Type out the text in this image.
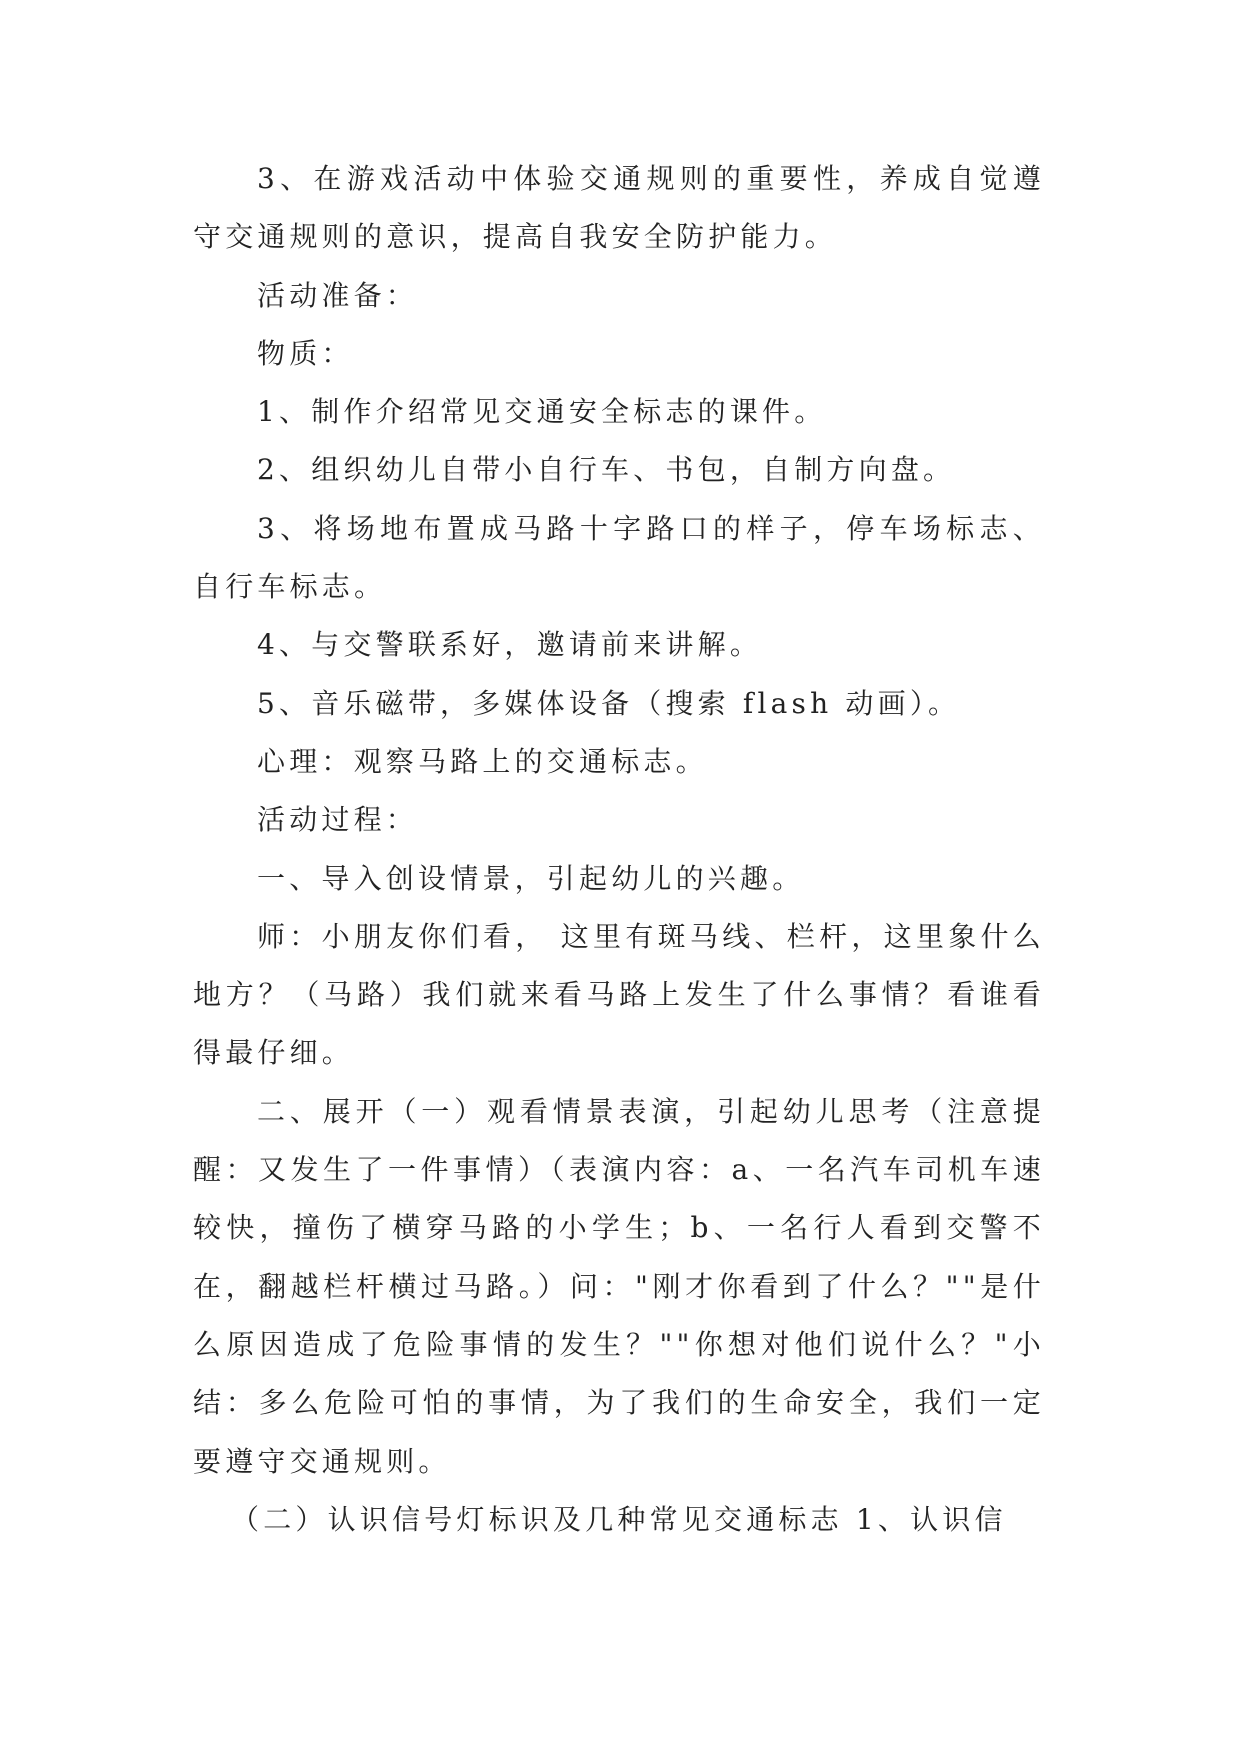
3、在游戏活动中体验交通规则的重要性，养成自觉遵守交通规则的意识，提高自我安全防护能力。

活动准备：

物质：

1、制作介绍常见交通安全标志的课件。

2、组织幼儿自带小自行车、书包，自制方向盘。

3、将场地布置成马路十字路口的样子，停车场标志、自行车标志。

4、与交警联系好，邀请前来讲解。

5、音乐磁带，多媒体设备（搜索 flash 动画）。

心理：观察马路上的交通标志。

活动过程：

一、导入创设情景，引起幼儿的兴趣。

师：小朋友你们看， 这里有斑马线、栏杆，这里象什么地方？（马路）我们就来看马路上发生了什么事情？看谁看得最仔细。

二、展开（一）观看情景表演，引起幼儿思考（注意提醒：又发生了一件事情）（表演内容：a、一名汽车司机车速较快，撞伤了横穿马路的小学生；b、一名行人看到交警不在，翻越栏杆横过马路。）问："刚才你看到了什么？""是什么原因造成了危险事情的发生？""你想对他们说什么？"小结：多么危险可怕的事情，为了我们的生命安全，我们一定要遵守交通规则。

（二）认识信号灯标识及几种常见交通标志 1、认识信
